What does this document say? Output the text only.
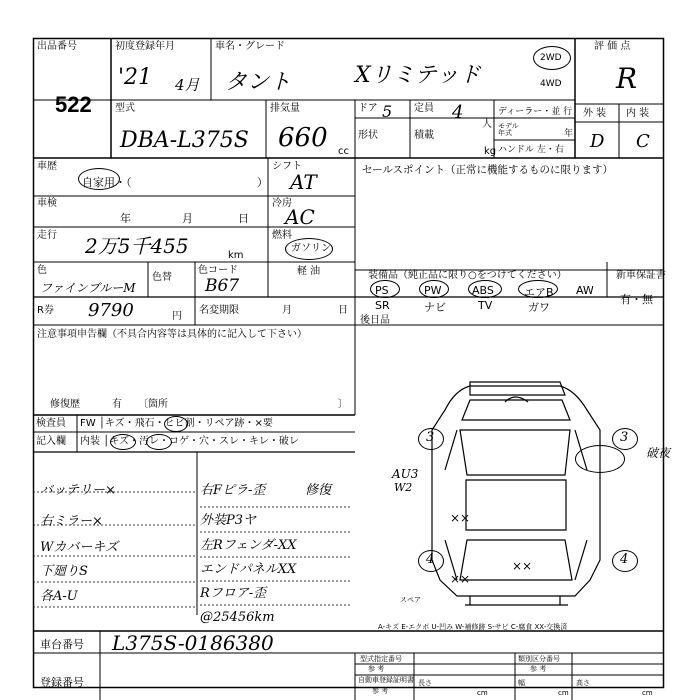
出品番号
522
初度登録年月
'21 4月
車名・グレード
タント	Xリミテッド
2WD
4WD
評 価 点
R
外 装 内 装
D C
型式
DBA-L375S
排気量
660 cc
ドア 5 定員 4
人
形状	積載
kg
ディーラー・並 行
モデル
年式	年
ハンドル 左・右
車歴
自家用・（	）
シフト
AT	セールスポイント（正常に機能するものに限ります）
車検
年	月	日
冷房
AC
走行 2万5千455	km
燃料
ガソリン
軽 油
色
ファインブルーM
色替
色コード
B67
装備品（純正品に限り○をつけてください）	新車保証書
有・無
PS	PW	ABS	エアB AW
SR	ナビ	TV	ガワ
R券 9790	円
名変期限	月	日
後日品
注意事項申告欄（不具合内容等は具体的に記入して下さい）
修復歴	有 〔箇所	〕
検査員
記入欄
FW │キズ・飛石・ヒビ割・リペア跡・×要
内装 │キズ・汚レ・コゲ・穴・スレ・キレ・破レ
バッテリー×
右ミラー×
Wカバーキズ
下廻りS
各A-U
右Fピラ-歪	修復
外装P3ヤ
左Rフェンダ-XX
エンドパネルXX
Rフロア-歪
@25456km
3	3
4	4
破夜
AU3
W2
××
××
××
スペア
A-キズ E-エクボ U-凹み W-補修跡 S-サビ C-腐食 XX-交換済
車台番号 L375S-0186380
型式指定番号
参 考
類別区分番号
参 考
登録番号	自動車登録証明書
参 考
長さ
cm
幅
cm
高さ
cm
